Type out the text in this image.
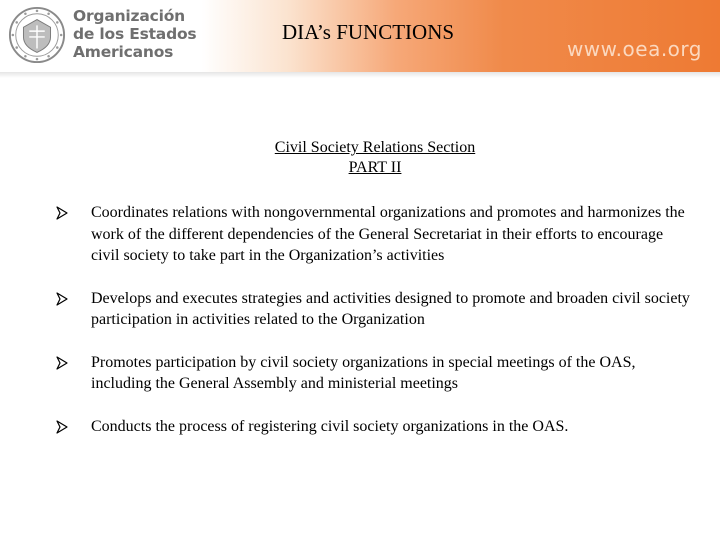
Organización
de los Estados
Americanos
DIA’s FUNCTIONS
www.oea.org
Civil Society Relations Section
PART II
Coordinates relations with nongovernmental organizations and promotes and harmonizes the work of the different dependencies of the General Secretariat in their efforts to encourage civil society to take part in the Organization’s activities
Develops and executes strategies and activities designed to promote and broaden civil society participation in activities related to the Organization
Promotes participation by civil society organizations in special meetings of the OAS, including the General Assembly and ministerial meetings
Conducts the process of registering civil society organizations in the OAS.
